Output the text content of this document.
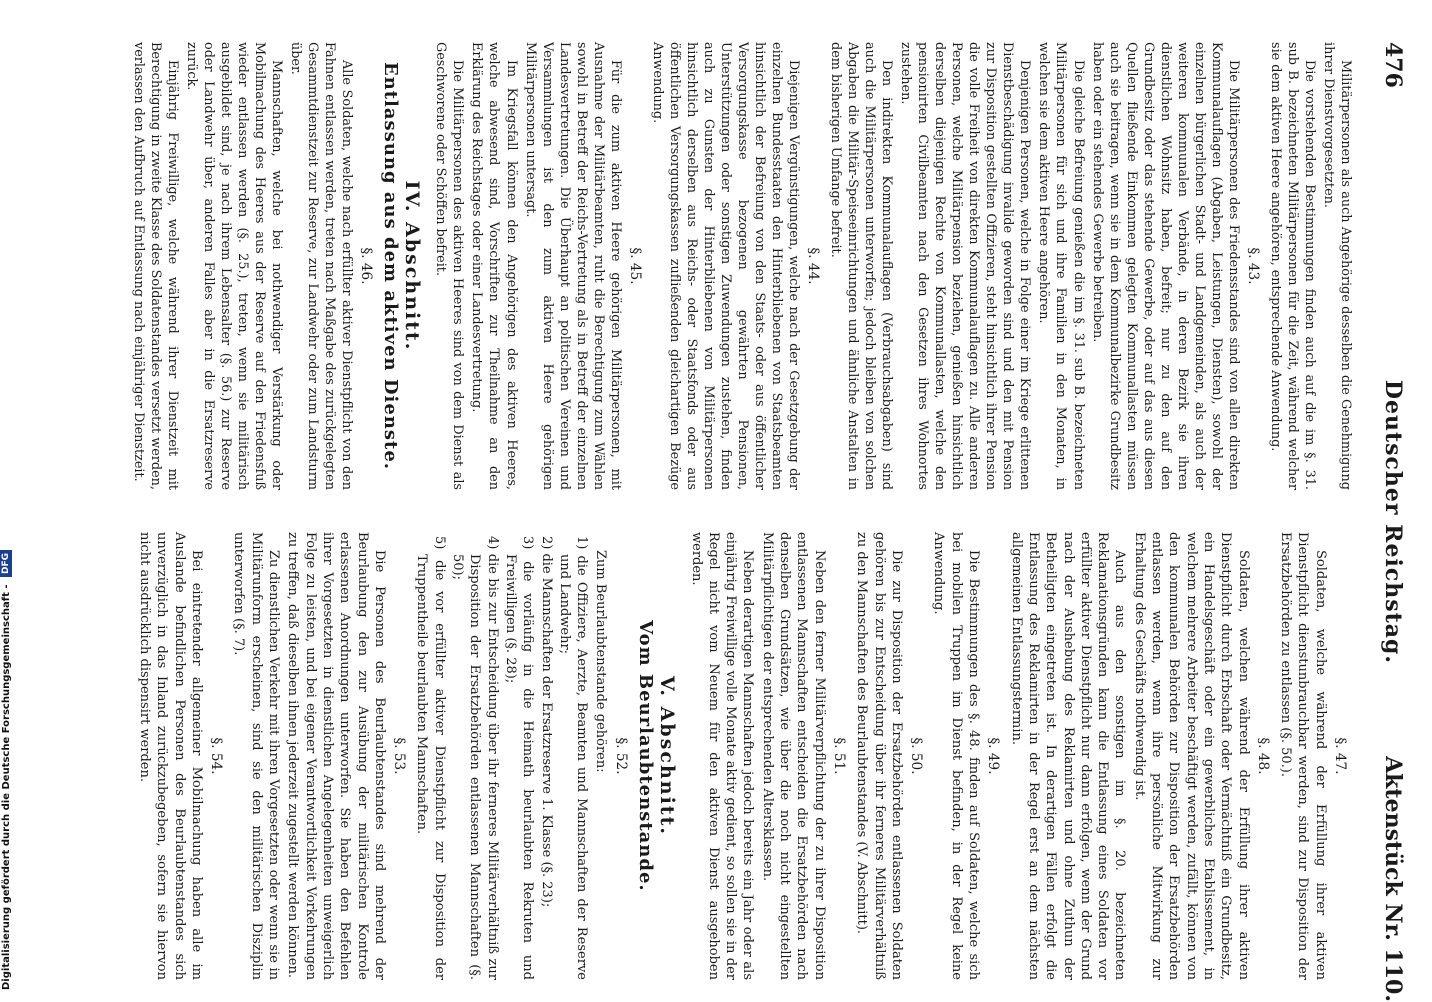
Digitalisierung gefördert durch die Deutsche Forschungsgemeinschaft - DFG	Deutscher Reichstag.
476
Aktenstück Nr. 110.

Militärpersonen als auch Angehörige desselben die Genehmigung ihrer Dienstvorgesetzten.

Die vorstehenden Bestimmungen finden auch auf die im §. 31. sub B. bezeichneten Militärpersonen für die Zeit, während welcher sie dem aktiven Heere angehören, entsprechende Anwendung.

§. 43.

Die Militärpersonen des Friedensstandes sind von allen direkten Kommunalauflagen (Abgaben, Leistungen, Diensten), sowohl der einzelnen bürgerlichen Stadt- und Landgemeinden, als auch der weiteren kommunalen Verbände, in deren Bezirk sie ihren dienstlichen Wohnsitz haben, befreit; nur zu den auf den Grundbesitz oder das stehende Gewerbe, oder auf das aus diesen Quellen fließende Einkommen gelegten Kommunallasten müssen auch sie beitragen, wenn sie in dem Kommunalbezirke Grundbesitz haben oder ein stehendes Gewerbe betreiben.

Die gleiche Befreiung genießen die im §. 31. sub B. bezeichneten Militärpersonen für sich und ihre Familien in den Monaten, in welchen sie dem aktiven Heere angehören.

Denjenigen Personen, welche in Folge einer im Kriege erlittenen Dienstbeschädigung invalide geworden sind und den mit Pension zur Disposition gestellten Offizieren, steht hinsichtlich ihrer Pension die volle Freiheit von direkten Kommunalauflagen zu. Alle anderen Personen, welche Militärpension beziehen, genießen hinsichtlich derselben diejenigen Rechte von Kommunallasten, welche den pensionirten Civilbeamten nach den Gesetzen ihres Wohnortes zustehen.

Den indirekten Kommunalauflagen (Verbrauchsabgaben) sind auch die Militärpersonen unterworfen; jedoch bleiben von solchen Abgaben die Militär-Speiseeinrichtungen und ähnliche Anstalten in dem bisherigen Umfange befreit.

§. 44.

Diejenigen Vergünstigungen, welche nach der Gesetzgebung der einzelnen Bundesstaaten den Hinterbliebenen von Staatsbeamten hinsichtlich der Befreiung von den Staats- oder aus öffentlicher Versorgungskasse bezogenen gewährten Pensionen, Unterstützungen oder sonstigen Zuwendungen zustehen, finden auch zu Gunsten der Hinterbliebenen von Militärpersonen hinsichtlich derselben aus Reichs- oder Staatsfonds oder aus öffentlichen Versorgungskassen zufließenden gleichartigen Bezüge Anwendung.

§. 45.

Für die zum aktiven Heere gehörigen Militärpersonen, mit Ausnahme der Militärbeamten, ruht die Berechtigung zum Wählen sowohl in Betreff der Reichs-Vertretung als in Betreff der einzelnen Landesvertretungen. Die Überhaupt an politischen Vereinen und Versammlungen ist den zum aktiven Heere gehörigen Militärpersonen untersagt.

Im Kriegsfall können den Angehörigen des aktiven Heeres, welche abwesend sind, Vorschriften zur Theilnahme an den Erklärung des Reichstages oder einer Landesvertretung.

Die Militärpersonen des aktiven Heeres sind von dem Dienst als Geschworene oder Schöffen befreit.

IV. Abschnitt.

Entlassung aus dem aktiven Dienste.

§. 46.

Alle Soldaten, welche nach erfüllter aktiver Dienstpflicht von den Fahnen entlassen werden, treten nach Maßgabe des zurückgelegten Gesammtdienstzeit zur Reserve, zur Landwehr oder zum Landsturm über.

Mannschaften, welche bei nothwendiger Verstärkung oder Mobilmachung des Heeres aus der Reserve auf den Friedensfuß wieder entlassen werden (§. 25.), treten, wenn sie militärisch ausgebildet sind, je nach ihrem Lebensalter (§. 56.) zur Reserve oder Landwehr über, anderen Falles aber in die Ersatzreserve zurück.

Einjährig Freiwillige, welche während ihrer Dienstzeit mit Berechtigung in zweite Klasse des Soldatenstandes versetzt werden, verlassen den Aufbruch auf Entlassung nach einjähriger Dienstzeit.

§. 47.

Soldaten, welche während der Erfüllung ihrer aktiven Dienstpflicht dienstunbrauchbar werden, sind zur Disposition der Ersatzbehörden zu entlassen (§. 50.).

§. 48.

Soldaten, welchen während der Erfüllung ihrer aktiven Dienstpflicht durch Erbschaft oder Vermächtniß ein Grundbesitz, ein Handelsgeschäft oder ein gewerbliches Etablissement, in welchem mehrere Arbeiter beschäftigt werden, zufällt, können von den kommunalen Behörden zur Disposition der Ersatzbehörden entlassen werden, wenn ihre persönliche Mitwirkung zur Erhaltung des Geschäfts nothwendig ist.

Auch aus den sonstigen im §. 20. bezeichneten Reklamationsgründen kann die Entlassung eines Soldaten vor erfüllter aktiver Dienstpflicht nur dann erfolgen, wenn der Grund nach der Aushebung des Reklamirten und ohne Zuthun der Betheiligten eingetreten ist. In derartigen Fällen erfolgt die Entlassung des Reklamirten in der Regel erst an dem nächsten allgemeinen Entlassungstermin.

§. 49.

Die Bestimmungen des §. 48. finden auf Soldaten, welche sich bei mobilen Truppen im Dienst befinden, in der Regel keine Anwendung.

§. 50.

Die zur Disposition der Ersatzbehörden entlassenen Soldaten gehören bis zur Entscheidung über ihr ferneres Militärverhältniß zu den Mannschaften des Beurlaubtenstandes (V. Abschnitt).

§. 51.

Neben den ferner Militärverpflichtung der zu ihrer Disposition entlassenen Mannschaften entscheiden die Ersatzbehörden nach denselben Grundsätzen, wie über die noch nicht eingestellten Militärpflichtigen der entsprechenden Altersklassen.

Neben derartigen Mannschaften jedoch bereits ein Jahr oder als einjährig Freiwillige volle Monate aktiv gedient, so sollen sie in der Regel nicht vom Neuem für den aktiven Dienst ausgehoben werden.

V. Abschnitt.

Vom Beurlaubtenstande.

§. 52.

Zum Beurlaubtenstande gehören:

1) die Offiziere, Aerzte, Beamten und Mannschaften der Reserve und Landwehr;

2) die Mannschaften der Ersatzreserve 1. Klasse (§. 23);

3) die vorläufig in die Heimath beurlaubten Rekruten und Freiwilligen (§. 28);

4) die bis zur Entscheidung über ihr ferneres Militärverhältniß zur Disposition der Ersatzbehörden entlassenen Mannschaften (§. 50);

5) die vor erfüllter aktiver Dienstpflicht zur Disposition der Truppentheile beurlaubten Mannschaften.

§. 53.

Die Personen des Beurlaubtenstandes sind mehrend der Beurlaubung den zur Ausübung der militärischen Kontrole erlassenen Anordnungen unterworfen. Sie haben den Befehlen ihrer Vorgesetzten in dienstlichen Angelegenheiten unweigerlich Folge zu leisten, und bei eigener Verantwortlichkeit Vorkehrungen zu treffen, daß dieselben ihnen jederzeit zugestellt werden können.

Zu dienstlichen Verkehr mit ihren Vorgesetzten oder wenn sie in Militärunform erscheinen, sind sie den militärischen Disziplin unterworfen (§. 7).

§. 54.

Bei eintretender allgemeiner Mobilmachung haben alle im Auslande befindlichen Personen des Beurlaubtenstandes sich unverzüglich in das Inland zurückzubegeben, sofern sie hiervon nicht ausdrücklich dispensirt werden.
